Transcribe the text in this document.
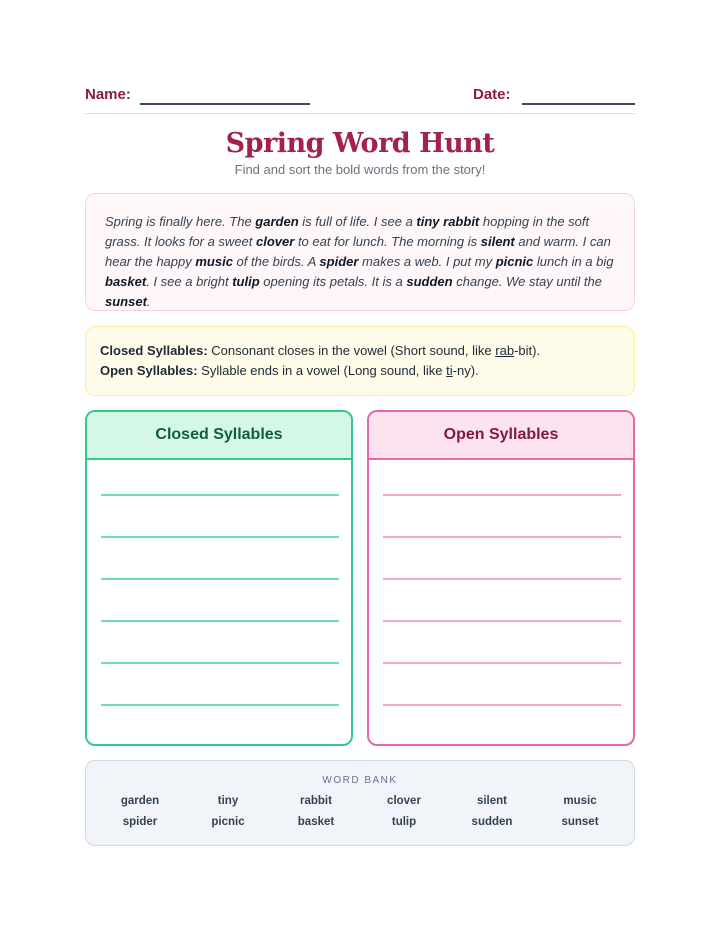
Name:	Date:
Spring Word Hunt
Find and sort the bold words from the story!
Spring is finally here. The garden is full of life. I see a tiny rabbit hopping in the soft grass. It looks for a sweet clover to eat for lunch. The morning is silent and warm. I can hear the happy music of the birds. A spider makes a web. I put my picnic lunch in a big basket. I see a bright tulip opening its petals. It is a sudden change. We stay until the sunset.
Closed Syllables: Consonant closes in the vowel (Short sound, like rab-bit).
Open Syllables: Syllable ends in a vowel (Long sound, like ti-ny).
Closed Syllables	Open Syllables
WORD BANK
garden	tiny	rabbit	clover	silent	music
spider	picnic	basket	tulip	sudden	sunset
